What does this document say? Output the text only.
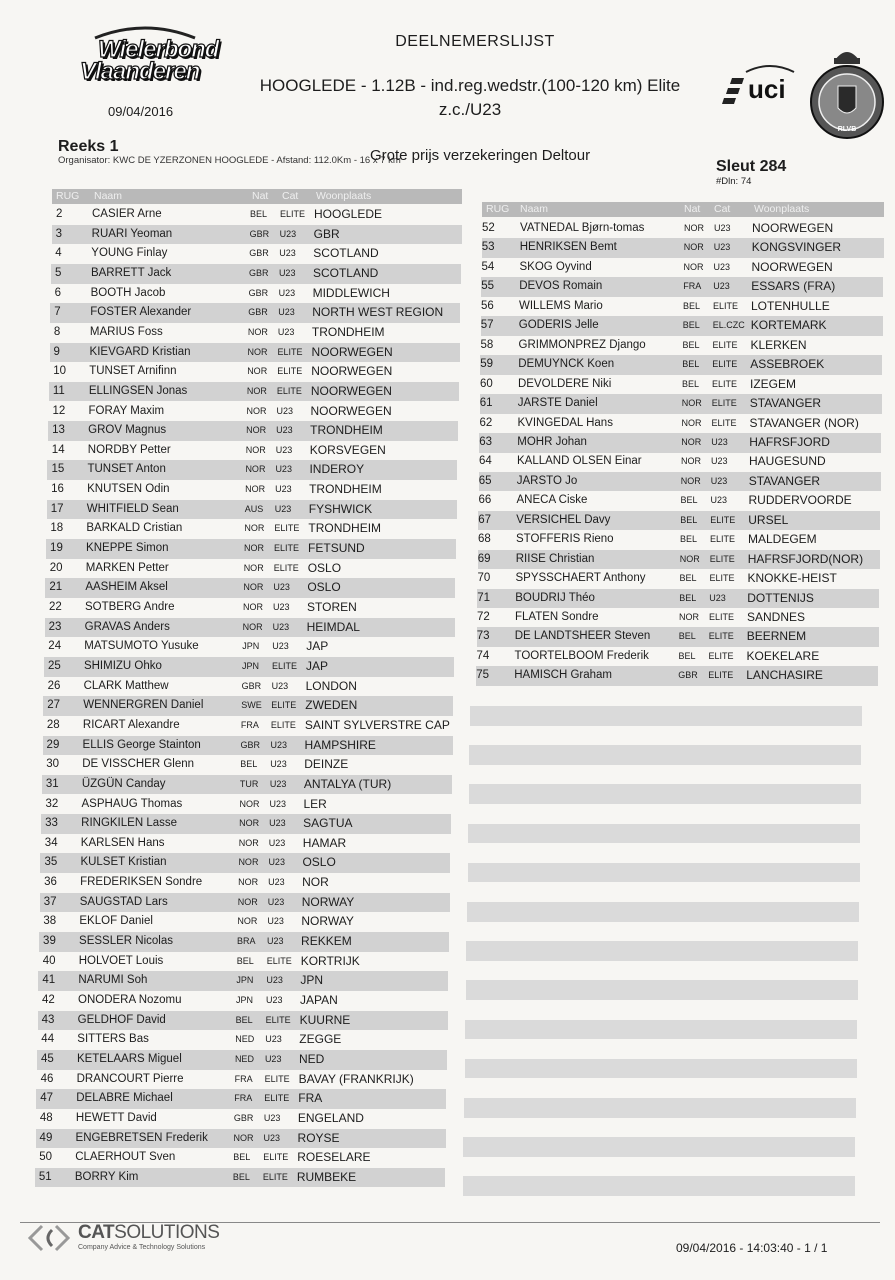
Wielerbond
Vlaanderen
09/04/2016
DEELNEMERSLIJST
HOOGLEDE - 1.12B - ind.reg.wedstr.(100-120 km) Elite
z.c./U23
uci
RLVB
Reeks 1
Organisator: KWC DE YZERZONEN HOOGLEDE - Afstand: 112.0Km - 16 x 7 km
Grote prijs verzekeringen Deltour
Sleut 284
#Dln: 74
RUG Naam	Nat Cat Woonplaats
RUG Naam	Nat Cat Woonplaats
2	CASIER Arne	BEL ELITE HOOGLEDE
3	RUARI Yeoman	GBR U23 GBR
4	YOUNG Finlay	GBR U23 SCOTLAND
5	BARRETT Jack	GBR U23 SCOTLAND
6	BOOTH Jacob	GBR U23 MIDDLEWICH
7	FOSTER Alexander	GBR U23 NORTH WEST REGION
8	MARIUS Foss	NOR U23 TRONDHEIM
9	KIEVGARD Kristian	NOR ELITE NOORWEGEN
10 TUNSET Arnifinn	NOR ELITE NOORWEGEN
11 ELLINGSEN Jonas	NOR ELITE NOORWEGEN
12 FORAY Maxim	NOR U23 NOORWEGEN
13 GROV Magnus	NOR U23 TRONDHEIM
14 NORDBY Petter	NOR U23 KORSVEGEN
15 TUNSET Anton	NOR U23 INDEROY
16 KNUTSEN Odin	NOR U23 TRONDHEIM
17 WHITFIELD Sean	AUS U23 FYSHWICK
18 BARKALD Cristian	NOR ELITE TRONDHEIM
19 KNEPPE Simon	NOR ELITE FETSUND
20 MARKEN Petter	NOR ELITE OSLO
21 AASHEIM Aksel	NOR U23 OSLO
22 SOTBERG Andre	NOR U23 STOREN
23 GRAVAS Anders	NOR U23 HEIMDAL
24 MATSUMOTO Yusuke	JPN U23 JAP
25 SHIMIZU Ohko	JPN ELITE JAP
26 CLARK Matthew	GBR U23 LONDON
27 WENNERGREN Daniel	SWE ELITE ZWEDEN
28 RICART Alexandre	FRA ELITE SAINT SYLVERSTRE CAP
29 ELLIS George Stainton	GBR U23 HAMPSHIRE
30 DE VISSCHER Glenn	BEL U23 DEINZE
31 ÜZGÜN Canday	TUR U23 ANTALYA (TUR)
32 ASPHAUG Thomas	NOR U23 LER
33 RINGKILEN Lasse	NOR U23 SAGTUA
34 KARLSEN Hans	NOR U23 HAMAR
35 KULSET Kristian	NOR U23 OSLO
36 FREDERIKSEN Sondre	NOR U23 NOR
37 SAUGSTAD Lars	NOR U23 NORWAY
38 EKLOF Daniel	NOR U23 NORWAY
39 SESSLER Nicolas	BRA U23 REKKEM
40 HOLVOET Louis	BEL ELITE KORTRIJK
41 NARUMI Soh	JPN U23 JPN
42 ONODERA Nozomu	JPN U23 JAPAN
43 GELDHOF David	BEL ELITE KUURNE
44 SITTERS Bas	NED U23 ZEGGE
45 KETELAARS Miguel	NED U23 NED
46 DRANCOURT Pierre	FRA ELITE BAVAY (FRANKRIJK)
47 DELABRE Michael	FRA ELITE FRA
48 HEWETT David	GBR U23 ENGELAND
49 ENGEBRETSEN Frederik	NOR U23 ROYSE
50 CLAERHOUT Sven	BEL ELITE ROESELARE
51 BORRY Kim	BEL ELITE RUMBEKE
52 VATNEDAL Bjørn-tomas	NOR U23 NOORWEGEN
53 HENRIKSEN Bemt	NOR U23 KONGSVINGER
54 SKOG Oyvind	NOR U23 NOORWEGEN
55 DEVOS Romain	FRA U23 ESSARS (FRA)
56 WILLEMS Mario	BEL ELITE LOTENHULLE
57 GODERIS Jelle	BEL EL.CZC KORTEMARK
58 GRIMMONPREZ Django	BEL ELITE KLERKEN
59 DEMUYNCK Koen	BEL ELITE ASSEBROEK
60 DEVOLDERE Niki	BEL ELITE IZEGEM
61 JARSTE Daniel	NOR ELITE STAVANGER
62 KVINGEDAL Hans	NOR ELITE STAVANGER (NOR)
63 MOHR Johan	NOR U23 HAFRSFJORD
64 KALLAND OLSEN Einar	NOR U23 HAUGESUND
65 JARSTO Jo	NOR U23 STAVANGER
66 ANECA Ciske	BEL U23 RUDDERVOORDE
67 VERSICHEL Davy	BEL ELITE URSEL
68 STOFFERIS Rieno	BEL ELITE MALDEGEM
69 RIISE Christian	NOR ELITE HAFRSFJORD(NOR)
70 SPYSSCHAERT Anthony	BEL ELITE KNOKKE-HEIST
71 BOUDRIJ Théo	BEL U23 DOTTENIJS
72 FLATEN Sondre	NOR ELITE SANDNES
73 DE LANDTSHEER Steven	BEL ELITE BEERNEM
74 TOORTELBOOM Frederik	BEL ELITE KOEKELARE
75 HAMISCH Graham	GBR ELITE LANCHASIRE
CATSOLUTIONS
Company Advice & Technology Solutions	09/04/2016 - 14:03:40 - 1 / 1
